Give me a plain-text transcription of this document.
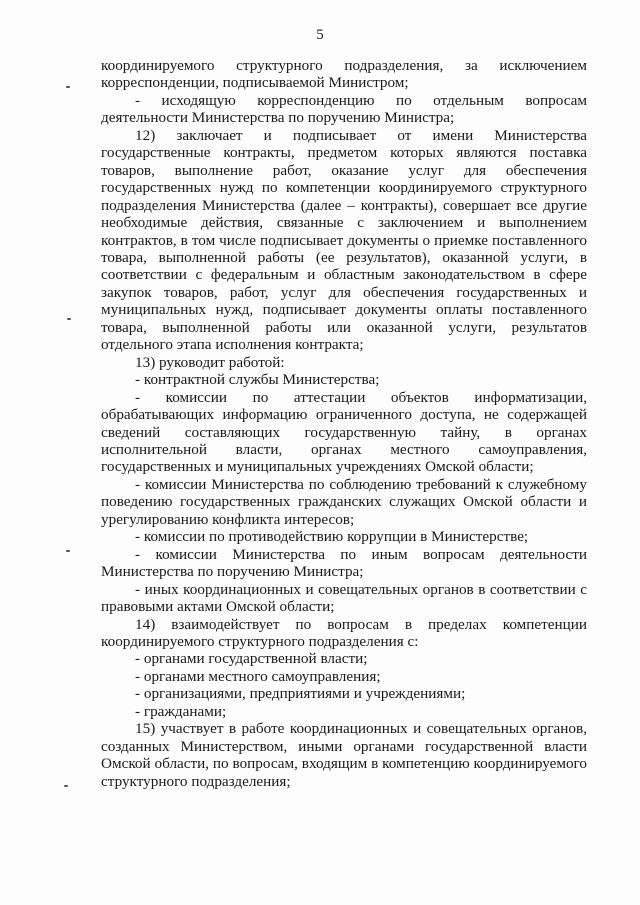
5

координируемого структурного подразделения, за исключением корреспонденции, подписываемой Министром;

- исходящую корреспонденцию по отдельным вопросам деятельности Министерства по поручению Министра;

12) заключает и подписывает от имени Министерства государственные контракты, предметом которых являются поставка товаров, выполнение работ, оказание услуг для обеспечения государственных нужд по компетенции координируемого структурного подразделения Министерства (далее – контракты), совершает все другие необходимые действия, связанные с заключением и выполнением контрактов, в том числе подписывает документы о приемке поставленного товара, выполненной работы (ее результатов), оказанной услуги, в соответствии с федеральным и областным законодательством в сфере закупок товаров, работ, услуг для обеспечения государственных и муниципальных нужд, подписывает документы оплаты поставленного товара, выполненной работы или оказанной услуги, результатов отдельного этапа исполнения контракта;

13) руководит работой:

- контрактной службы Министерства;

- комиссии по аттестации объектов информатизации, обрабатывающих информацию ограниченного доступа, не содержащей сведений составляющих государственную тайну, в органах исполнительной власти, органах местного самоуправления, государственных и муниципальных учреждениях Омской области;

- комиссии Министерства по соблюдению требований к служебному поведению государственных гражданских служащих Омской области и урегулированию конфликта интересов;

- комиссии по противодействию коррупции в Министерстве;

- комиссии Министерства по иным вопросам деятельности Министерства по поручению Министра;

- иных координационных и совещательных органов в соответствии с правовыми актами Омской области;

14) взаимодействует по вопросам в пределах компетенции координируемого структурного подразделения с:

- органами государственной власти;

- органами местного самоуправления;

- организациями, предприятиями и учреждениями;

- гражданами;

15) участвует в работе координационных и совещательных органов, созданных Министерством, иными органами государственной власти Омской области, по вопросам, входящим в компетенцию координируемого структурного подразделения;
